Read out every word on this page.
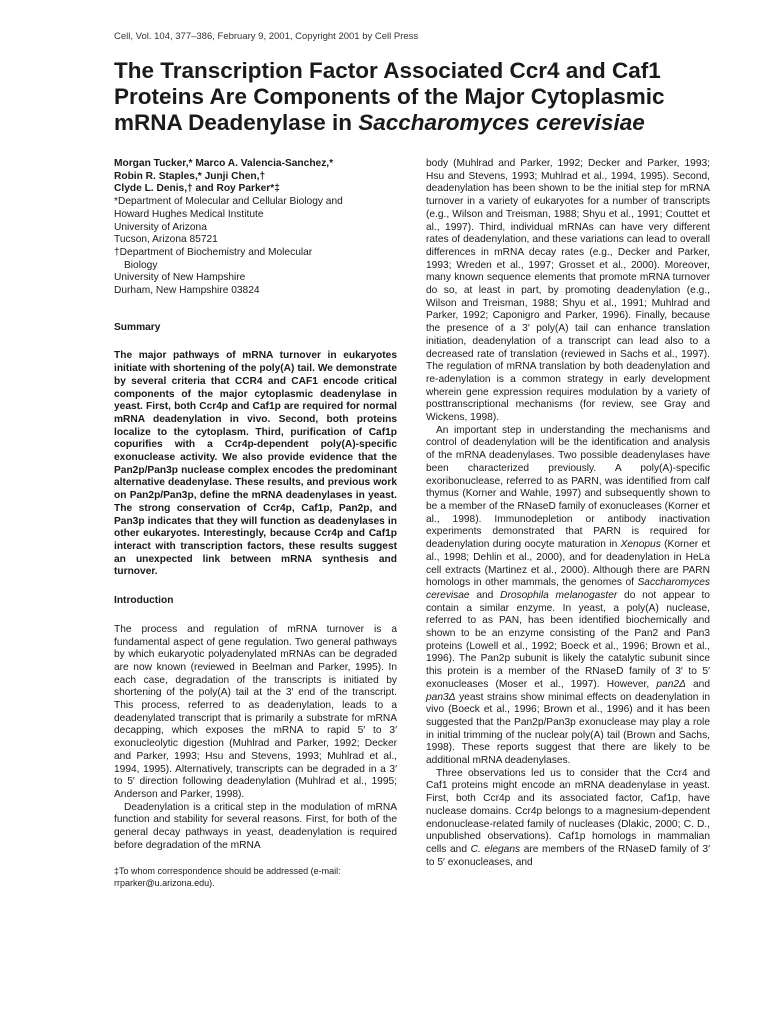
Cell, Vol. 104, 377–386, February 9, 2001, Copyright 2001 by Cell Press
The Transcription Factor Associated Ccr4 and Caf1
Proteins Are Components of the Major Cytoplasmic
mRNA Deadenylase in Saccharomyces cerevisiae
Morgan Tucker,* Marco A. Valencia-Sanchez,*
Robin R. Staples,* Junji Chen,†
Clyde L. Denis,† and Roy Parker*‡

*Department of Molecular and Cellular Biology and

Howard Hughes Medical Institute

University of Arizona

Tucson, Arizona 85721

†Department of Biochemistry and Molecular

Biology

University of New Hampshire

Durham, New Hampshire 03824

Summary

The major pathways of mRNA turnover in eukaryotes initiate with shortening of the poly(A) tail. We demonstrate by several criteria that CCR4 and CAF1 encode critical components of the major cytoplasmic deadenylase in yeast. First, both Ccr4p and Caf1p are required for normal mRNA deadenylation in vivo. Second, both proteins localize to the cytoplasm. Third, purification of Caf1p copurifies with a Ccr4p-dependent poly(A)-specific exonuclease activity. We also provide evidence that the Pan2p/Pan3p nuclease complex encodes the predominant alternative deadenylase. These results, and previous work on Pan2p/Pan3p, define the mRNA deadenylases in yeast. The strong conservation of Ccr4p, Caf1p, Pan2p, and Pan3p indicates that they will function as deadenylases in other eukaryotes. Interestingly, because Ccr4p and Caf1p interact with transcription factors, these results suggest an unexpected link between mRNA synthesis and turnover.

Introduction

The process and regulation of mRNA turnover is a fundamental aspect of gene regulation. Two general pathways by which eukaryotic polyadenylated mRNAs can be degraded are now known (reviewed in Beelman and Parker, 1995). In each case, degradation of the transcripts is initiated by shortening of the poly(A) tail at the 3′ end of the transcript. This process, referred to as deadenylation, leads to a deadenylated transcript that is primarily a substrate for mRNA decapping, which exposes the mRNA to rapid 5′ to 3′ exonucleolytic digestion (Muhlrad and Parker, 1992; Decker and Parker, 1993; Hsu and Stevens, 1993; Muhlrad et al., 1994, 1995). Alternatively, transcripts can be degraded in a 3′ to 5′ direction following deadenylation (Muhlrad et al., 1995; Anderson and Parker, 1998).

Deadenylation is a critical step in the modulation of mRNA function and stability for several reasons. First, for both of the general decay pathways in yeast, deadenylation is required before degradation of the mRNA

‡To whom correspondence should be addressed (e-mail: rrparker@u.arizona.edu).

body (Muhlrad and Parker, 1992; Decker and Parker, 1993; Hsu and Stevens, 1993; Muhlrad et al., 1994, 1995). Second, deadenylation has been shown to be the initial step for mRNA turnover in a variety of eukaryotes for a number of transcripts (e.g., Wilson and Treisman, 1988; Shyu et al., 1991; Couttet et al., 1997). Third, individual mRNAs can have very different rates of deadenylation, and these variations can lead to overall differences in mRNA decay rates (e.g., Decker and Parker, 1993; Wreden et al., 1997; Grosset et al., 2000). Moreover, many known sequence elements that promote mRNA turnover do so, at least in part, by promoting deadenylation (e.g., Wilson and Treisman, 1988; Shyu et al., 1991; Muhlrad and Parker, 1992; Caponigro and Parker, 1996). Finally, because the presence of a 3′ poly(A) tail can enhance translation initiation, deadenylation of a transcript can lead also to a decreased rate of translation (reviewed in Sachs et al., 1997). The regulation of mRNA translation by both deadenylation and re-adenylation is a common strategy in early development wherein gene expression requires modulation by a variety of posttranscriptional mechanisms (for review, see Gray and Wickens, 1998).

An important step in understanding the mechanisms and control of deadenylation will be the identification and analysis of the mRNA deadenylases. Two possible deadenylases have been characterized previously. A poly(A)-specific exoribonuclease, referred to as PARN, was identified from calf thymus (Korner and Wahle, 1997) and subsequently shown to be a member of the RNaseD family of exonucleases (Korner et al., 1998). Immunodepletion or antibody inactivation experiments demonstrated that PARN is required for deadenylation during oocyte maturation in Xenopus (Korner et al., 1998; Dehlin et al., 2000), and for deadenylation in HeLa cell extracts (Martinez et al., 2000). Although there are PARN homologs in other mammals, the genomes of Saccharomyces cerevisae and Drosophila melanogaster do not appear to contain a similar enzyme. In yeast, a poly(A) nuclease, referred to as PAN, has been identified biochemically and shown to be an enzyme consisting of the Pan2 and Pan3 proteins (Lowell et al., 1992; Boeck et al., 1996; Brown et al., 1996). The Pan2p subunit is likely the catalytic subunit since this protein is a member of the RNaseD family of 3′ to 5′ exonucleases (Moser et al., 1997). However, pan2Δ and pan3Δ yeast strains show minimal effects on deadenylation in vivo (Boeck et al., 1996; Brown et al., 1996) and it has been suggested that the Pan2p/Pan3p exonuclease may play a role in initial trimming of the nuclear poly(A) tail (Brown and Sachs, 1998). These reports suggest that there are likely to be additional mRNA deadenylases.

Three observations led us to consider that the Ccr4 and Caf1 proteins might encode an mRNA deadenylase in yeast. First, both Ccr4p and its associated factor, Caf1p, have nuclease domains. Ccr4p belongs to a magnesium-dependent endonuclease-related family of nucleases (Dlakic, 2000; C. D., unpublished observations). Caf1p homologs in mammalian cells and C. elegans are members of the RNaseD family of 3′ to 5′ exonucleases, and
